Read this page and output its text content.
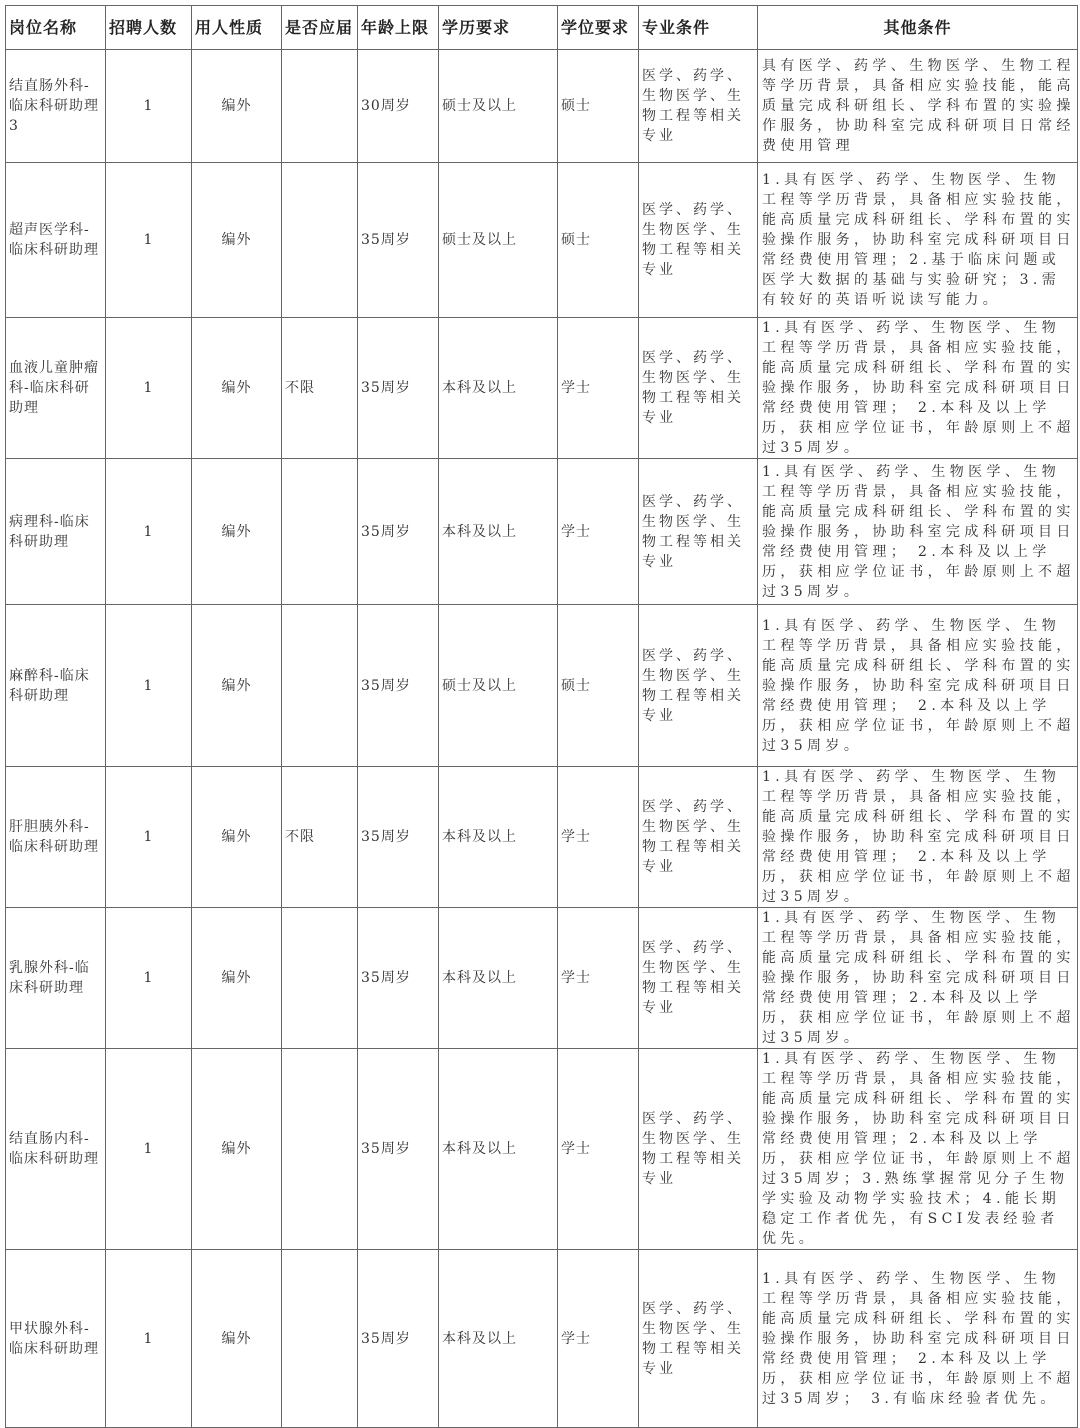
岗位名称	招聘人数	用人性质	是否应届	年龄上限	学历要求	学位要求	专业条件	其他条件
结直肠外科-临床科研助理3	1	编外		30周岁	硕士及以上	硕士	医学、药学、生物医学、生物工程等相关专业	具有医学、药学、生物医学、生物工程等学历背景，具备相应实验技能，能高质量完成科研组长、学科布置的实验操作服务，协助科室完成科研项目日常经费使用管理
超声医学科-临床科研助理	1	编外		35周岁	硕士及以上	硕士	医学、药学、生物医学、生物工程等相关专业	1.具有医学、药学、生物医学、生物工程等学历背景，具备相应实验技能，能高质量完成科研组长、学科布置的实验操作服务，协助科室完成科研项目日常经费使用管理；2.基于临床问题或医学大数据的基础与实验研究；3.需有较好的英语听说读写能力。
血液儿童肿瘤科-临床科研助理	1	编外	不限	35周岁	本科及以上	学士	医学、药学、生物医学、生物工程等相关专业	1.具有医学、药学、生物医学、生物工程等学历背景，具备相应实验技能，能高质量完成科研组长、学科布置的实验操作服务，协助科室完成科研项目日常经费使用管理； 2.本科及以上学历，获相应学位证书，年龄原则上不超过35周岁。
病理科-临床科研助理	1	编外		35周岁	本科及以上	学士	医学、药学、生物医学、生物工程等相关专业	1.具有医学、药学、生物医学、生物工程等学历背景，具备相应实验技能，能高质量完成科研组长、学科布置的实验操作服务，协助科室完成科研项目日常经费使用管理； 2.本科及以上学历，获相应学位证书，年龄原则上不超过35周岁。
麻醉科-临床科研助理	1	编外		35周岁	硕士及以上	硕士	医学、药学、生物医学、生物工程等相关专业	1.具有医学、药学、生物医学、生物工程等学历背景，具备相应实验技能，能高质量完成科研组长、学科布置的实验操作服务，协助科室完成科研项目日常经费使用管理； 2.本科及以上学历，获相应学位证书，年龄原则上不超过35周岁。
肝胆胰外科-临床科研助理	1	编外	不限	35周岁	本科及以上	学士	医学、药学、生物医学、生物工程等相关专业	1.具有医学、药学、生物医学、生物工程等学历背景，具备相应实验技能，能高质量完成科研组长、学科布置的实验操作服务，协助科室完成科研项目日常经费使用管理； 2.本科及以上学历，获相应学位证书，年龄原则上不超过35周岁。
乳腺外科-临床科研助理	1	编外		35周岁	本科及以上	学士	医学、药学、生物医学、生物工程等相关专业	1.具有医学、药学、生物医学、生物工程等学历背景，具备相应实验技能，能高质量完成科研组长、学科布置的实验操作服务，协助科室完成科研项目日常经费使用管理；2.本科及以上学历，获相应学位证书，年龄原则上不超过35周岁。
结直肠内科-临床科研助理	1	编外		35周岁	本科及以上	学士	医学、药学、生物医学、生物工程等相关专业	1.具有医学、药学、生物医学、生物工程等学历背景，具备相应实验技能，能高质量完成科研组长、学科布置的实验操作服务，协助科室完成科研项目日常经费使用管理；2.本科及以上学历，获相应学位证书，年龄原则上不超过35周岁；3.熟练掌握常见分子生物学实验及动物学实验技术；4.能长期稳定工作者优先，有SCI发表经验者优先。
甲状腺外科-临床科研助理	1	编外		35周岁	本科及以上	学士	医学、药学、生物医学、生物工程等相关专业	1.具有医学、药学、生物医学、生物工程等学历背景，具备相应实验技能，能高质量完成科研组长、学科布置的实验操作服务，协助科室完成科研项目日常经费使用管理； 2.本科及以上学历，获相应学位证书，年龄原则上不超过35周岁； 3.有临床经验者优先。
